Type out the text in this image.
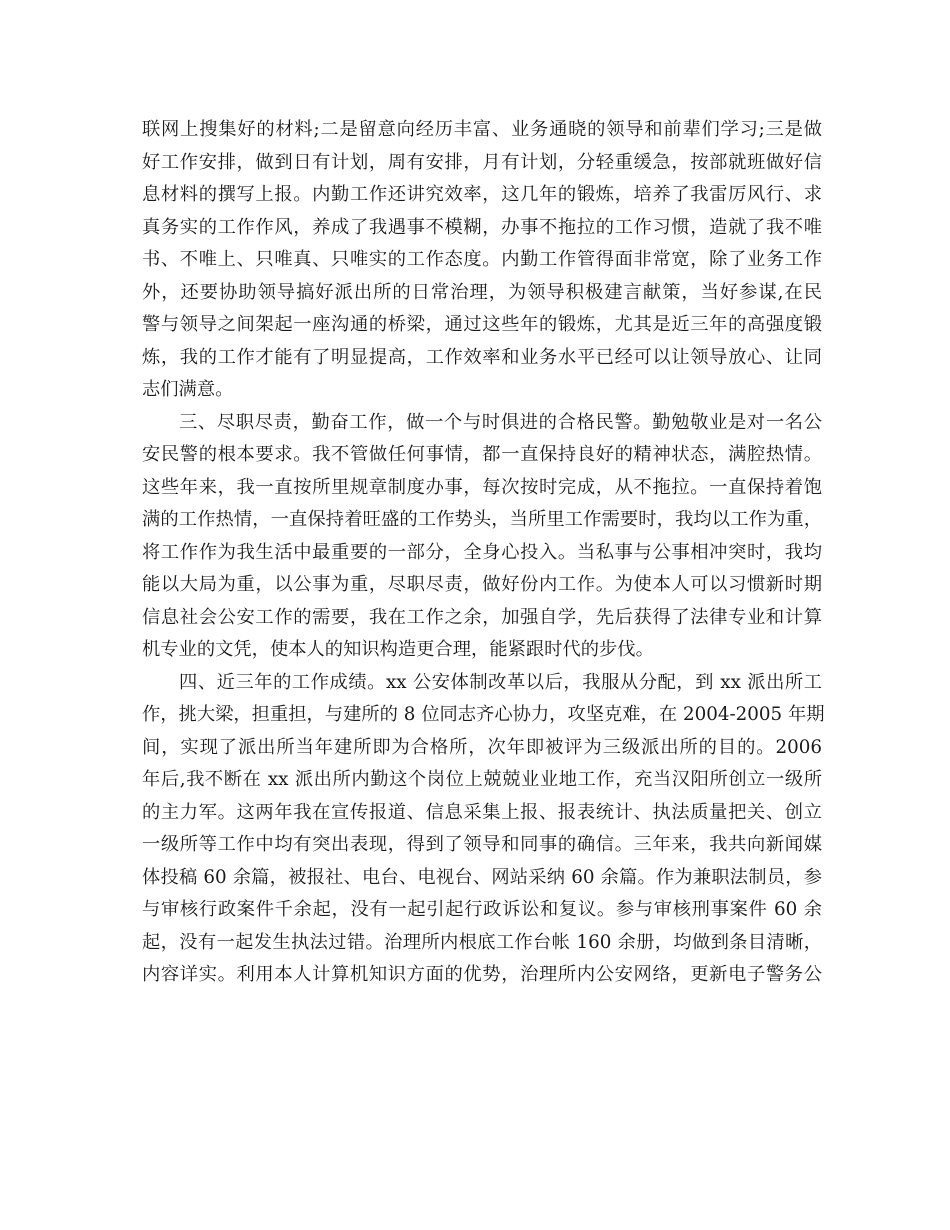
联网上搜集好的材料;二是留意向经历丰富、业务通晓的领导和前辈们学习;三是做
好工作安排，做到日有计划，周有安排，月有计划，分轻重缓急，按部就班做好信
息材料的撰写上报。内勤工作还讲究效率，这几年的锻炼，培养了我雷厉风行、求
真务实的工作作风，养成了我遇事不模糊，办事不拖拉的工作习惯，造就了我不唯
书、不唯上、只唯真、只唯实的工作态度。内勤工作管得面非常宽，除了业务工作
外，还要协助领导搞好派出所的日常治理，为领导积极建言献策，当好参谋,在民
警与领导之间架起一座沟通的桥梁，通过这些年的锻炼，尤其是近三年的高强度锻
炼，我的工作才能有了明显提高，工作效率和业务水平已经可以让领导放心、让同
志们满意。
三、尽职尽责，勤奋工作，做一个与时俱进的合格民警。勤勉敬业是对一名公
安民警的根本要求。我不管做任何事情，都一直保持良好的精神状态，满腔热情。
这些年来，我一直按所里规章制度办事，每次按时完成，从不拖拉。一直保持着饱
满的工作热情，一直保持着旺盛的工作势头，当所里工作需要时，我均以工作为重，
将工作作为我生活中最重要的一部分，全身心投入。当私事与公事相冲突时，我均
能以大局为重，以公事为重，尽职尽责，做好份内工作。为使本人可以习惯新时期
信息社会公安工作的需要，我在工作之余，加强自学，先后获得了法律专业和计算
机专业的文凭，使本人的知识构造更合理，能紧跟时代的步伐。
四、近三年的工作成绩。xx 公安体制改革以后，我服从分配，到 xx 派出所工
作，挑大梁，担重担，与建所的 8 位同志齐心协力，攻坚克难，在 2004-2005 年期
间，实现了派出所当年建所即为合格所，次年即被评为三级派出所的目的。2006
年后,我不断在 xx 派出所内勤这个岗位上兢兢业业地工作，充当汉阳所创立一级所
的主力军。这两年我在宣传报道、信息采集上报、报表统计、执法质量把关、创立
一级所等工作中均有突出表现，得到了领导和同事的确信。三年来，我共向新闻媒
体投稿 60 余篇，被报社、电台、电视台、网站采纳 60 余篇。作为兼职法制员，参
与审核行政案件千余起，没有一起引起行政诉讼和复议。参与审核刑事案件 60 余
起，没有一起发生执法过错。治理所内根底工作台帐 160 余册，均做到条目清晰，
内容详实。利用本人计算机知识方面的优势，治理所内公安网络，更新电子警务公
